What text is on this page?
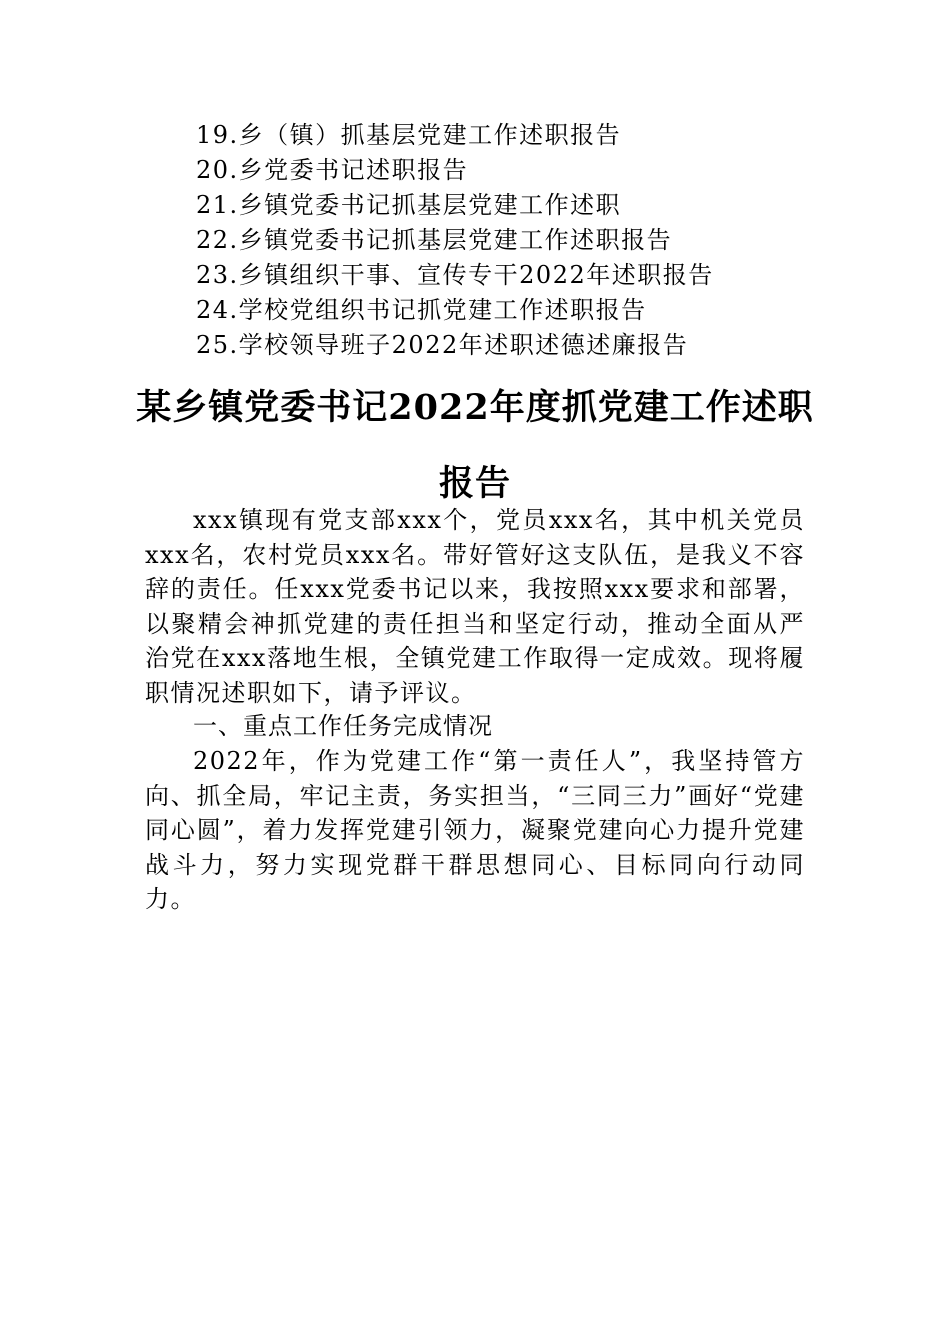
19.乡（镇）抓基层党建工作述职报告
20.乡党委书记述职报告
21.乡镇党委书记抓基层党建工作述职
22.乡镇党委书记抓基层党建工作述职报告
23.乡镇组织干事、宣传专干2022年述职报告
24.学校党组织书记抓党建工作述职报告
25.学校领导班子2022年述职述德述廉报告
某乡镇党委书记2022年度抓党建工作述职报告

xxx镇现有党支部xxx个，党员xxx名，其中机关党员xxx名，农村党员xxx名。带好管好这支队伍，是我义不容辞的责任。任xxx党委书记以来，我按照xxx要求和部署，以聚精会神抓党建的责任担当和坚定行动，推动全面从严治党在xxx落地生根，全镇党建工作取得一定成效。现将履职情况述职如下，请予评议。

一、重点工作任务完成情况

2022年，作为党建工作“第一责任人”，我坚持管方向、抓全局，牢记主责，务实担当，“三同三力”画好“党建同心圆”，着力发挥党建引领力，凝聚党建向心力提升党建战斗力，努力实现党群干群思想同心、目标同向行动同力。
